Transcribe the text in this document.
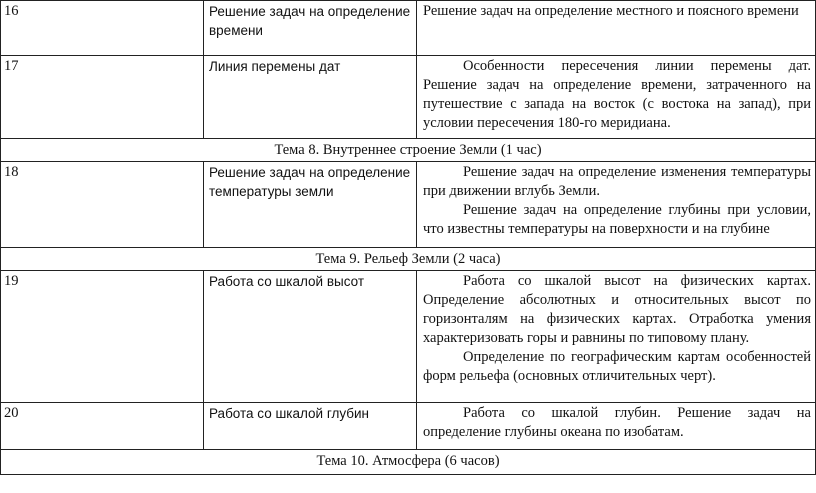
16	Решение задач на определение времени	Решение задач на определение местного и поясного времени

17	Линия перемены дат	Особенности пересечения линии перемены дат. Решение задач на определение времени, затраченного на путешествие с запада на восток (с востока на запад), при условии пересечения 180-го меридиана.

Тема 8. Внутреннее строение Земли (1 час)		
18	Решение задач на определение температуры земли	Решение задач на определение изменения температуры при движении вглубь Земли.

Решение задач на определение глубины при условии, что известны температуры на поверхности и на глубине

Тема 9. Рельеф Земли (2 часа)		
19	Работа со шкалой высот	Работа со шкалой высот на физических картах. Определение абсолютных и относительных высот по горизонталям на физических картах. Отработка умения характеризовать горы и равнины по типовому плану.

Определение по географическим картам особенностей форм рельефа (основных отличительных черт).

20	Работа со шкалой глубин	Работа со шкалой глубин. Решение задач на определение глубины океана по изобатам.

Тема 10. Атмосфера (6 часов)		
